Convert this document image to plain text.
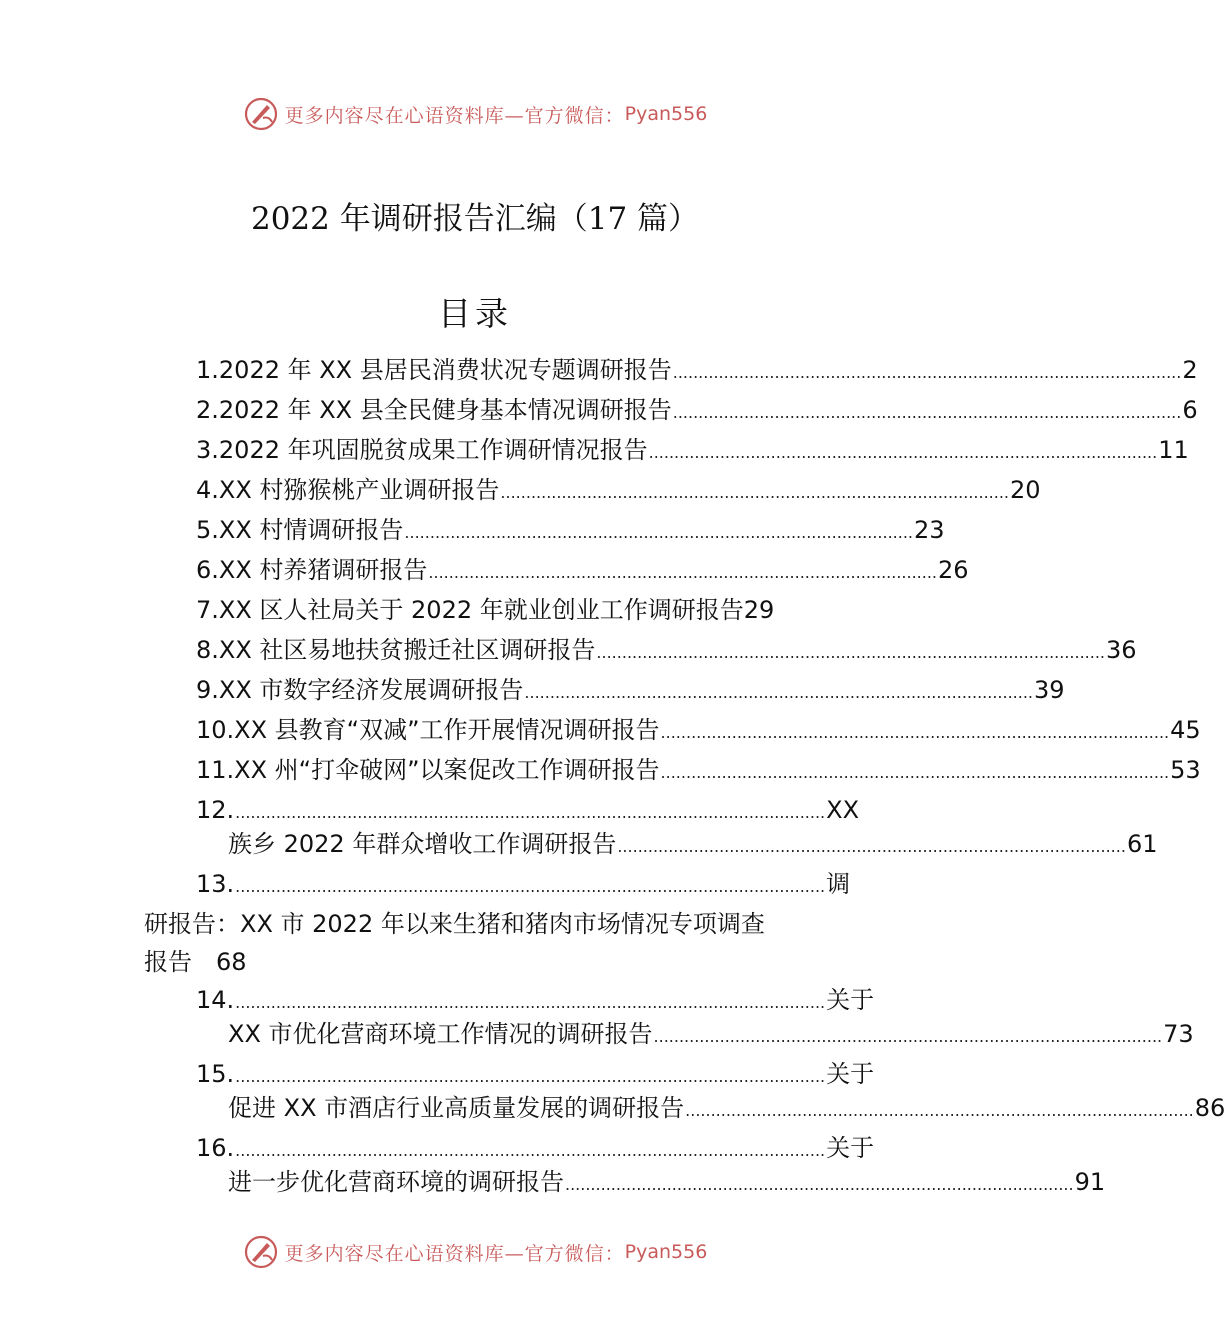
更多内容尽在心语资料库—官方微信： Pyan556
2022 年调研报告汇编（17 篇）
目录
1.2022 年 XX 县居民消费状况专题调研报告 .................................................................................................... 2
2.2022 年 XX 县全民健身基本情况调研报告 .................................................................................................... 6
3.2022 年巩固脱贫成果工作调研情况报告 .................................................................................................... 11
4.XX 村猕猴桃产业调研报告 .................................................................................................... 20
5.XX 村情调研报告 .................................................................................................... 23
6.XX 村养猪调研报告 .................................................................................................... 26
7.XX 区人社局关于 2022 年就业创业工作调研报告 29
8.XX 社区易地扶贫搬迁社区调研报告 .................................................................................................... 36
9.XX 市数字经济发展调研报告 .................................................................................................... 39
10.XX 县教育“双减”工作开展情况调研报告 .................................................................................................... 45
11.XX 州“打伞破网”以案促改工作调研报告 .................................................................................................... 53
12. .................................................................................................................... XX
族乡 2022 年群众增收工作调研报告 .................................................................................................... 61
13. .................................................................................................................... 调
研报告：XX 市 2022 年以来生猪和猪肉市场情况专项调查
报告　68
14. .................................................................................................................... 关于
XX 市优化营商环境工作情况的调研报告 .................................................................................................... 73
15. .................................................................................................................... 关于
促进 XX 市酒店行业高质量发展的调研报告 .................................................................................................... 86
16. .................................................................................................................... 关于
进一步优化营商环境的调研报告 .................................................................................................... 91
更多内容尽在心语资料库—官方微信： Pyan556
